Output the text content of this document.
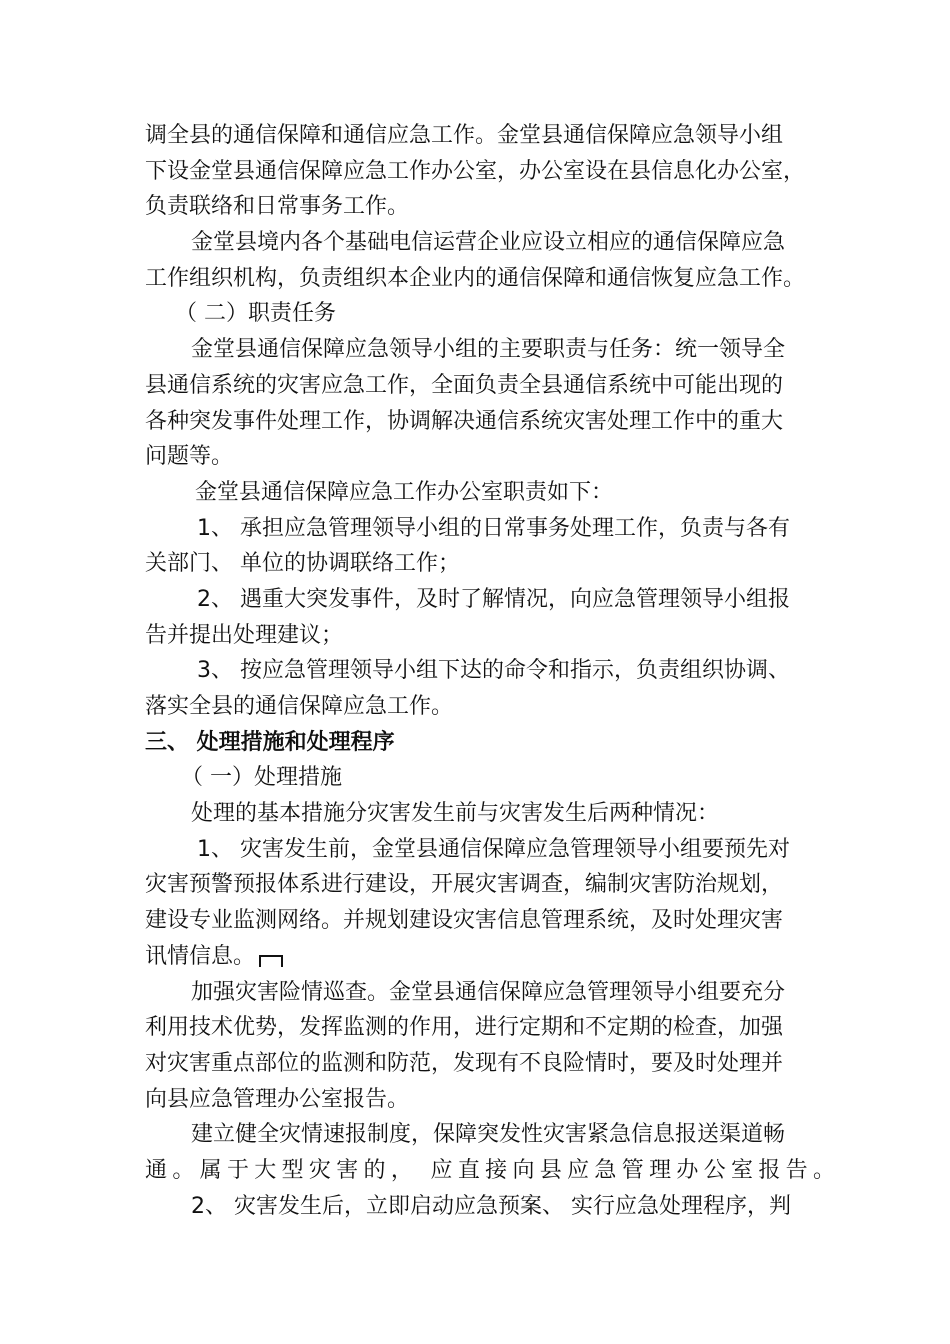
调全县的通信保障和通信应急工作。金堂县通信保障应急领导小组
下设金堂县通信保障应急工作办公室，办公室设在县信息化办公室，
负责联络和日常事务工作。
金堂县境内各个基础电信运营企业应设立相应的通信保障应急
工作组织机构，负责组织本企业内的通信保障和通信恢复应急工作。
（ 二）职责任务
金堂县通信保障应急领导小组的主要职责与任务：统一领导全
县通信系统的灾害应急工作，全面负责全县通信系统中可能出现的
各种突发事件处理工作，协调解决通信系统灾害处理工作中的重大
问题等。
金堂县通信保障应急工作办公室职责如下：
1、 承担应急管理领导小组的日常事务处理工作，负责与各有
关部门、 单位的协调联络工作；
2、 遇重大突发事件，及时了解情况，向应急管理领导小组报
告并提出处理建议；
3、 按应急管理领导小组下达的命令和指示，负责组织协调、
落实全县的通信保障应急工作。
三、 处理措施和处理程序
（ 一）处理措施
处理的基本措施分灾害发生前与灾害发生后两种情况：
1、 灾害发生前，金堂县通信保障应急管理领导小组要预先对
灾害预警预报体系进行建设，开展灾害调查，编制灾害防治规划，
建设专业监测网络。并规划建设灾害信息管理系统，及时处理灾害
讯情信息。
加强灾害险情巡查。金堂县通信保障应急管理领导小组要充分
利用技术优势，发挥监测的作用，进行定期和不定期的检查，加强
对灾害重点部位的监测和防范，发现有不良险情时，要及时处理并
向县应急管理办公室报告。
建立健全灾情速报制度，保障突发性灾害紧急信息报送渠道畅
通。属于大型灾害的， 应直接向县应急管理办公室报告。
2、 灾害发生后，立即启动应急预案、 实行应急处理程序，判
